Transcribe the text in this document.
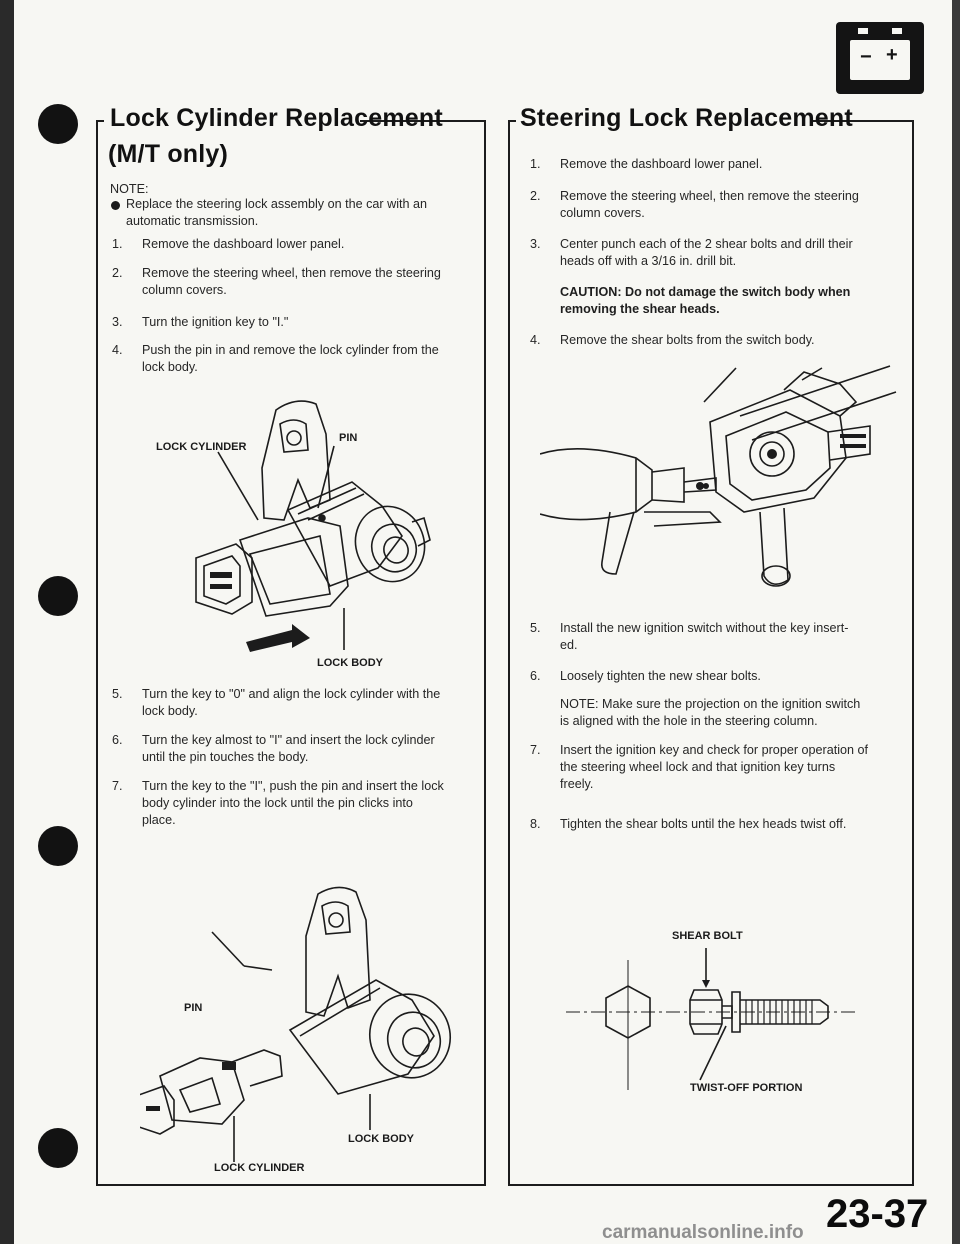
− +
Lock Cylinder Replacement
(M/T only)
NOTE:
Replace the steering lock assembly on the car with an
automatic transmission.
1.	Remove the dashboard lower panel.
2.	Remove the steering wheel, then remove the steering
column covers.
3.	Turn the ignition key to "I."
4.	Push the pin in and remove the lock cylinder from the
lock body.
LOCK CYLINDER
PIN
LOCK BODY
5.	Turn the key to "0" and align the lock cylinder with the
lock body.
6.	Turn the key almost to "I" and insert the lock cylinder
until the pin touches the body.
7.	Turn the key to the "I", push the pin and insert the lock
body cylinder into the lock until the pin clicks into
place.
PIN
LOCK BODY
LOCK CYLINDER
Steering Lock Replacement
1.	Remove the dashboard lower panel.
2.	Remove the steering wheel, then remove the steering
column covers.
3.	Center punch each of the 2 shear bolts and drill their
heads off with a 3/16 in. drill bit.
CAUTION: Do not damage the switch body when
removing the shear heads.
4.	Remove the shear bolts from the switch body.
5.	Install the new ignition switch without the key insert-
ed.
6.	Loosely tighten the new shear bolts.
NOTE: Make sure the projection on the ignition switch
is aligned with the hole in the steering column.
7.	Insert the ignition key and check for proper operation of
the steering wheel lock and that ignition key turns
freely.
8.	Tighten the shear bolts until the hex heads twist off.
SHEAR BOLT
TWIST-OFF PORTION
23-37
carmanualsonline.info
